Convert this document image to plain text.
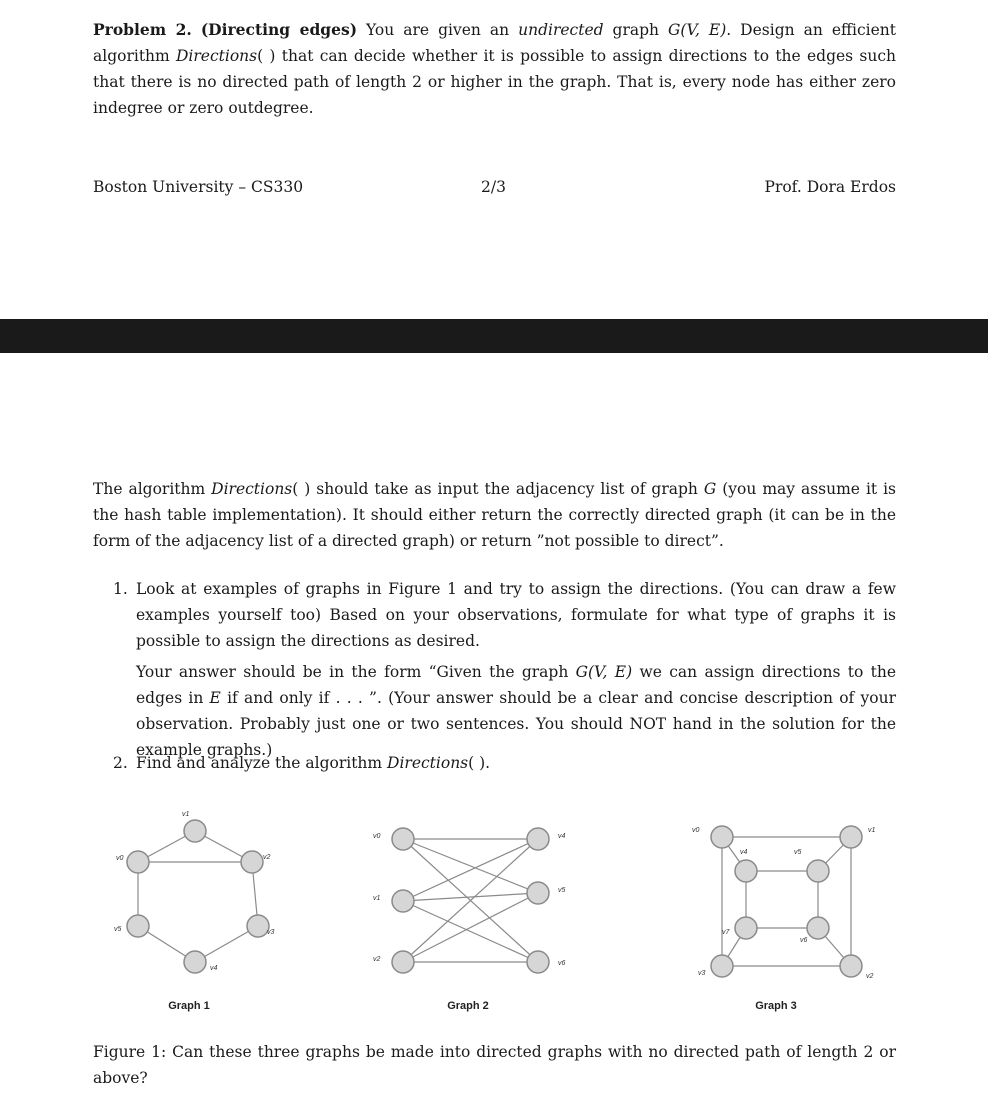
Problem 2. (Directing edges) You are given an undirected graph G(V, E). Design an efficient algorithm Directions( ) that can decide whether it is possible to assign directions to the edges such that there is no directed path of length 2 or higher in the graph. That is, every node has either zero indegree or zero outdegree.
Boston University – CS330	2/3	Prof. Dora Erdos
The algorithm Directions( ) should take as input the adjacency list of graph G (you may assume it is the hash table implementation). It should either return the correctly directed graph (it can be in the form of the adjacency list of a directed graph) or return ”not possible to direct”.
1. Look at examples of graphs in Figure 1 and try to assign the directions. (You can draw a few examples yourself too) Based on your observations, formulate for what type of graphs it is possible to assign the directions as desired.
Your answer should be in the form “Given the graph G(V, E) we can assign directions to the edges in E if and only if . . . ”. (Your answer should be a clear and concise description of your observation. Probably just one or two sentences. You should NOT hand in the solution for the example graphs.)
2. Find and analyze the algorithm Directions( ).
v1
v2
v0
v5	v3
v4
v0
v1
v2
v4
v5
v6
v0	v1
v4	v5
v7
v6
v3	v2
Graph 1	Graph 2	Graph 3
Figure 1: Can these three graphs be made into directed graphs with no directed path of length 2 or above?
